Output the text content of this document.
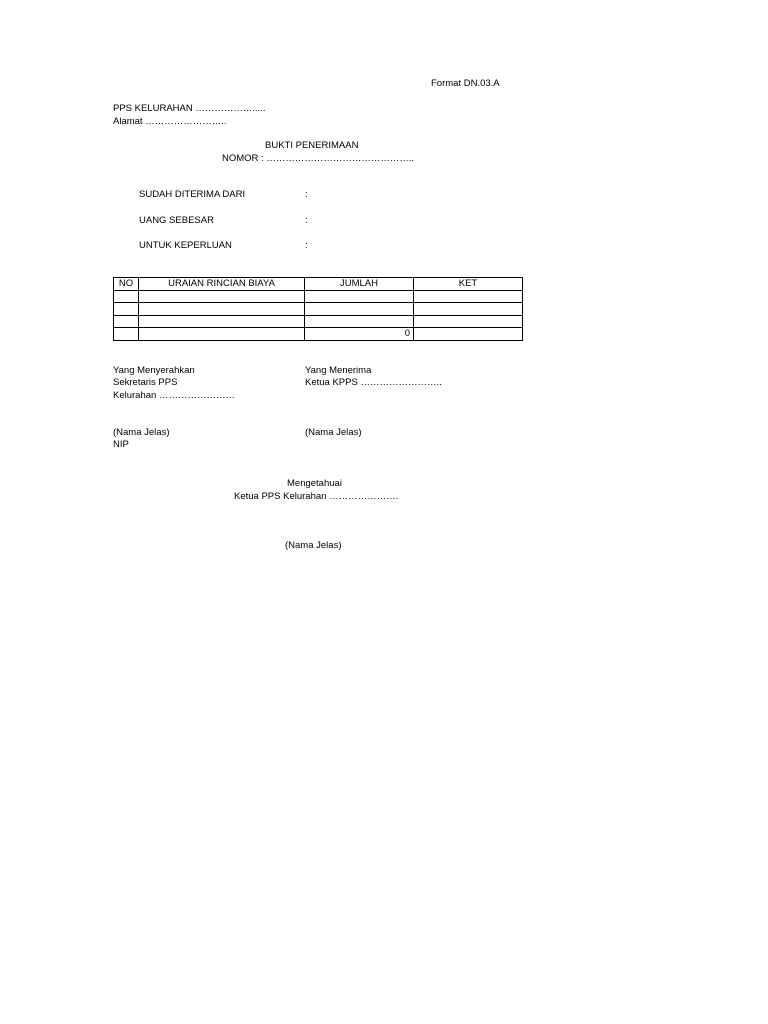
Format DN.03.A
PPS KELURAHAN ……………….....
Alamat ……………………..
BUKTI PENERIMAAN
NOMOR : ………………………………………..
SUDAH DITERIMA DARI	:
UANG SEBESAR	:
UNTUK KEPERLUAN	:
NO	URAIAN RINCIAN BIAYA	JUMLAH	KET

		0	
Yang Menyerahkan
Sekretaris PPS
Kelurahan ……………………
Yang Menerima
Ketua KPPS ……………………..
(Nama Jelas)
NIP
(Nama Jelas)
Mengetahuai
Ketua PPS Kelurahan ………………….
(Nama Jelas)
